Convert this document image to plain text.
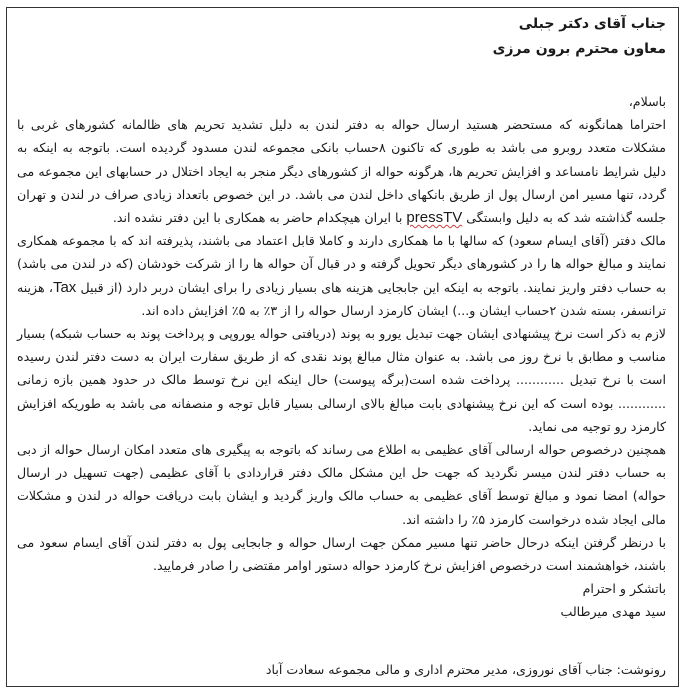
جناب آقای دکتر جبلی

معاون محترم برون مرزی

باسلام،

احتراما همانگونه که مستحضر هستید ارسال حواله به دفتر لندن به دلیل تشدید تحریم های ظالمانه کشورهای غربی با مشکلات متعدد روبرو می باشد به طوری که تاکنون ۸حساب بانکی مجموعه لندن مسدود گردیده است. باتوجه به اینکه به دلیل شرایط نامساعد و افزایش تحریم ها، هرگونه حواله از کشورهای دیگر منجر به ایجاد اختلال در حسابهای این مجموعه می گردد، تنها مسیر امن ارسال پول از طریق بانکهای داخل لندن می باشد. در این خصوص باتعداد زیادی صراف در لندن و تهران جلسه گذاشته شد که به دلیل وابستگی pressTV با ایران هیچکدام حاضر به همکاری با این دفتر نشده اند.

مالک دفتر (آقای ایسام سعود) که سالها با ما همکاری دارند و کاملا قابل اعتماد می باشند، پذیرفته اند که با مجموعه همکاری نمایند و مبالغ حواله ها را در کشورهای دیگر تحویل گرفته و در قبال آن حواله ها را از شرکت خودشان (که در لندن می باشد) به حساب دفتر واریز نمایند. باتوجه به اینکه این جابجایی هزینه های بسیار زیادی را برای ایشان دربر دارد (از قبیل Tax، هزینه ترانسفر، بسته شدن ۲حساب ایشان و...) ایشان کارمزد ارسال حواله را از ۳٪ به ۵٪ افزایش داده اند.

لازم به ذکر است نرخ پیشنهادی ایشان جهت تبدیل یورو به پوند (دریافتی حواله یوروپی و پرداخت پوند به حساب شبکه) بسیار مناسب و مطابق با نرخ روز می باشد. به عنوان مثال مبالغ پوند نقدی که از طریق سفارت ایران به دست دفتر لندن رسیده است با نرخ تبدیل ............ پرداخت شده است(برگه پیوست) حال اینکه این نرخ توسط مالک در حدود همین بازه زمانی ............ بوده است که این نرخ پیشنهادی بابت مبالغ بالای ارسالی بسیار قابل توجه و منصفانه می باشد به طوریکه افزایش کارمزد رو توجیه می نماید.

همچنین درخصوص حواله ارسالی آقای عظیمی به اطلاع می رساند که باتوجه به پیگیری های متعدد امکان ارسال حواله از دبی به حساب دفتر لندن میسر نگردید که جهت حل این مشکل مالک دفتر قراردادی با آقای عظیمی (جهت تسهیل در ارسال حواله) امضا نمود و مبالغ توسط آقای عظیمی به حساب مالک واریز گردید و ایشان بابت دریافت حواله در لندن و مشکلات مالی ایجاد شده درخواست کارمزد ۵٪ را داشته اند.

با درنظر گرفتن اینکه درحال حاضر تنها مسیر ممکن جهت ارسال حواله و جابجایی پول به دفتر لندن آقای ایسام سعود می باشند، خواهشمند است درخصوص افزایش نرخ کارمزد حواله دستور اوامر مقتضی را صادر فرمایید.

باتشکر و احترام

سید مهدی میرطالب

رونوشت: جناب آقای نوروزی، مدیر محترم اداری و مالی مجموعه سعادت آباد
